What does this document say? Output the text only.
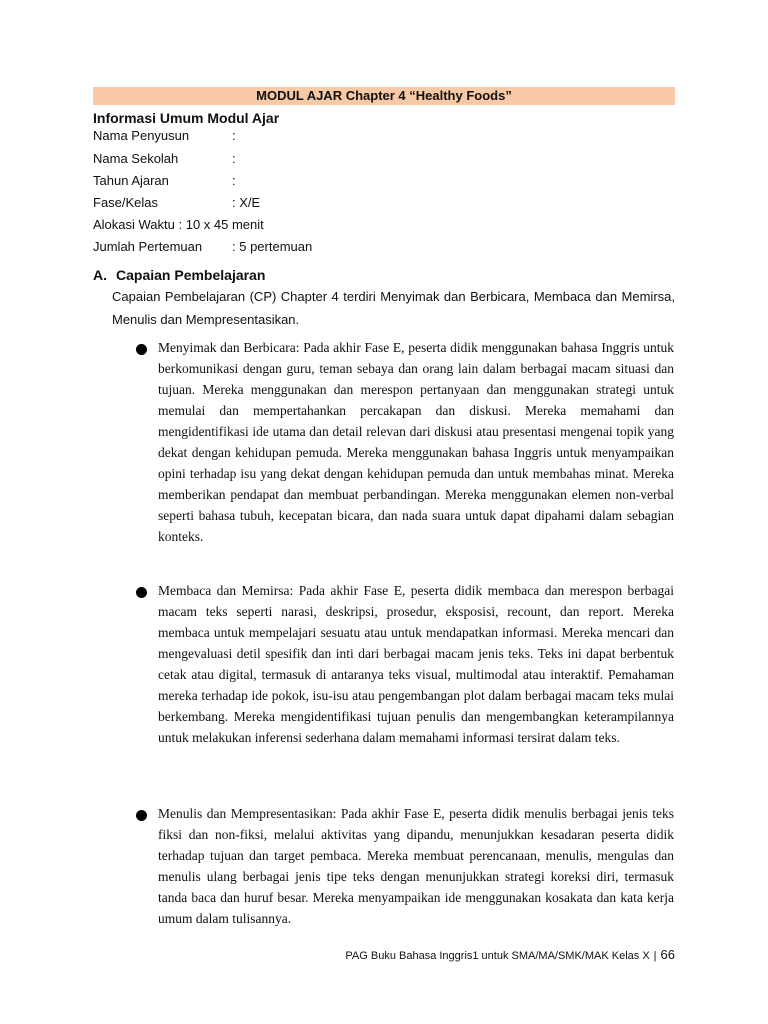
MODUL AJAR Chapter 4 “Healthy Foods”
Informasi Umum Modul Ajar
Nama Penyusun	:
Nama Sekolah	:
Tahun Ajaran	:
Fase/Kelas	: X/E
Alokasi Waktu : 10 x 45 menit
Jumlah Pertemuan : 5 pertemuan
A. Capaian Pembelajaran
Capaian Pembelajaran (CP) Chapter 4 terdiri Menyimak dan Berbicara, Membaca dan Memirsa, Menulis dan Mempresentasikan.
Menyimak dan Berbicara: Pada akhir Fase E, peserta didik menggunakan bahasa Inggris untuk berkomunikasi dengan guru, teman sebaya dan orang lain dalam berbagai macam situasi dan tujuan. Mereka menggunakan dan merespon pertanyaan dan menggunakan strategi untuk memulai dan mempertahankan percakapan dan diskusi. Mereka memahami dan mengidentifikasi ide utama dan detail relevan dari diskusi atau presentasi mengenai topik yang dekat dengan kehidupan pemuda. Mereka menggunakan bahasa Inggris untuk menyampaikan opini terhadap isu yang dekat dengan kehidupan pemuda dan untuk membahas minat. Mereka memberikan pendapat dan membuat perbandingan. Mereka menggunakan elemen non-verbal seperti bahasa tubuh, kecepatan bicara, dan nada suara untuk dapat dipahami dalam sebagian konteks.
Membaca dan Memirsa: Pada akhir Fase E, peserta didik membaca dan merespon berbagai macam teks seperti narasi, deskripsi, prosedur, eksposisi, recount, dan report. Mereka membaca untuk mempelajari sesuatu atau untuk mendapatkan informasi. Mereka mencari dan mengevaluasi detil spesifik dan inti dari berbagai macam jenis teks. Teks ini dapat berbentuk cetak atau digital, termasuk di antaranya teks visual, multimodal atau interaktif. Pemahaman mereka terhadap ide pokok, isu-isu atau pengembangan plot dalam berbagai macam teks mulai berkembang. Mereka mengidentifikasi tujuan penulis dan mengembangkan keterampilannya untuk melakukan inferensi sederhana dalam memahami informasi tersirat dalam teks.
Menulis dan Mempresentasikan: Pada akhir Fase E, peserta didik menulis berbagai jenis teks fiksi dan non-fiksi, melalui aktivitas yang dipandu, menunjukkan kesadaran peserta didik terhadap tujuan dan target pembaca. Mereka membuat perencanaan, menulis, mengulas dan menulis ulang berbagai jenis tipe teks dengan menunjukkan strategi koreksi diri, termasuk tanda baca dan huruf besar. Mereka menyampaikan ide menggunakan kosakata dan kata kerja umum dalam tulisannya.
PAG Buku Bahasa Inggris1 untuk SMA/MA/SMK/MAK Kelas X | 66
